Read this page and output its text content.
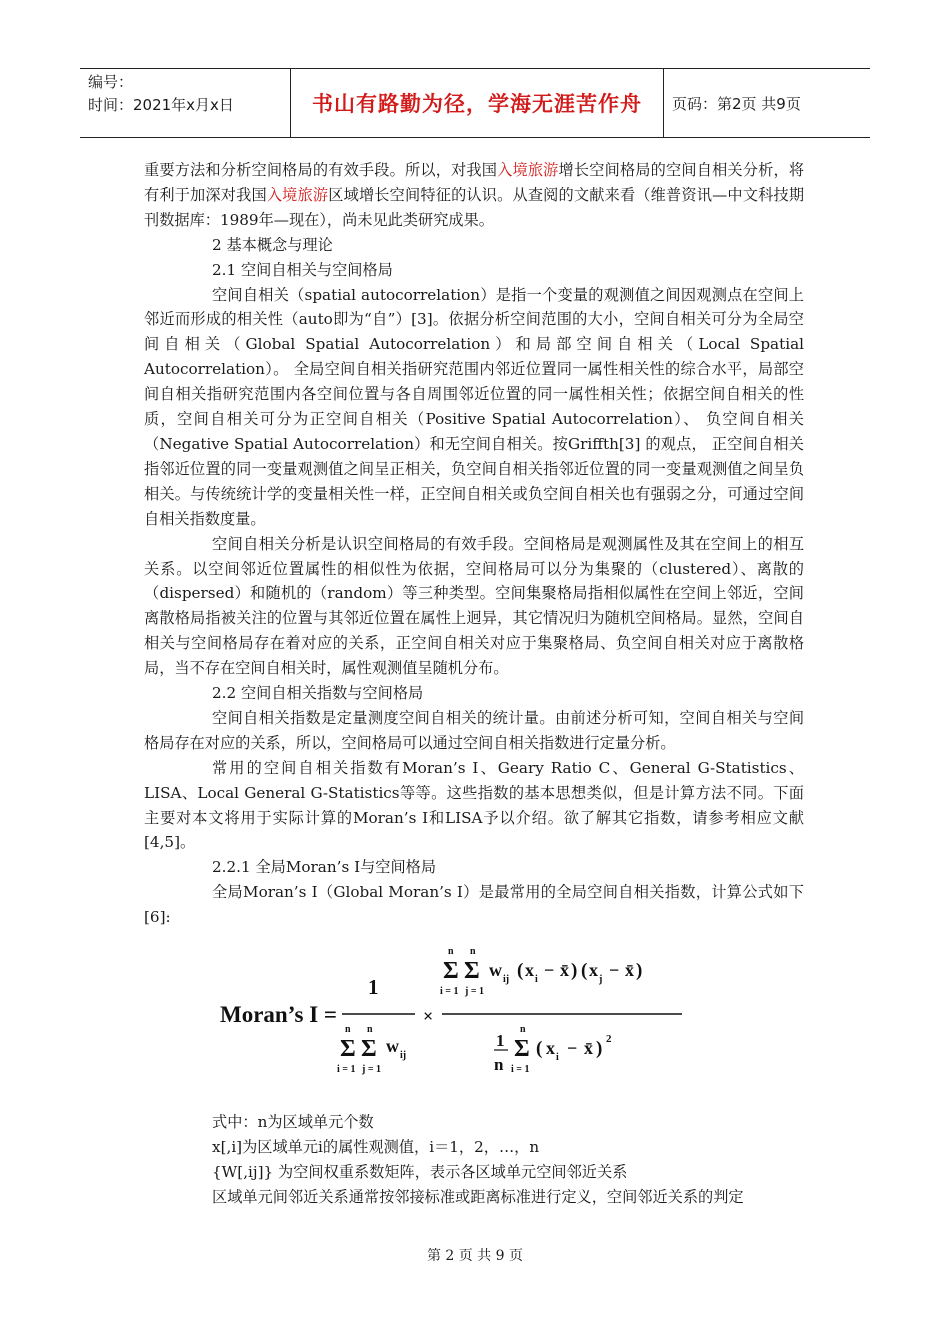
编号：
时间：2021年x月x日	书山有路勤为径，学海无涯苦作舟	页码：第2页 共9页

重要方法和分析空间格局的有效手段。所以，对我国入境旅游增长空间格局的空间自相关分析，将有利于加深对我国入境旅游区域增长空间特征的认识。从查阅的文献来看（维普资讯—中文科技期刊数据库：1989年—现在），尚未见此类研究成果。

2 基本概念与理论

2.1 空间自相关与空间格局

空间自相关（spatial autocorrelation）是指一个变量的观测值之间因观测点在空间上邻近而形成的相关性（auto即为“自”）[3]。依据分析空间范围的大小，空间自相关可分为全局空间自相关（Global Spatial Autocorrelation）和局部空间自相关（Local Spatial Autocorrelation）。 全局空间自相关指研究范围内邻近位置同一属性相关性的综合水平，局部空间自相关指研究范围内各空间位置与各自周围邻近位置的同一属性相关性；依据空间自相关的性质，空间自相关可分为正空间自相关（Positive Spatial Autocorrelation）、 负空间自相关（Negative Spatial Autocorrelation）和无空间自相关。按Griffth[3] 的观点， 正空间自相关指邻近位置的同一变量观测值之间呈正相关，负空间自相关指邻近位置的同一变量观测值之间呈负相关。与传统统计学的变量相关性一样，正空间自相关或负空间自相关也有强弱之分，可通过空间自相关指数度量。

空间自相关分析是认识空间格局的有效手段。空间格局是观测属性及其在空间上的相互关系。以空间邻近位置属性的相似性为依据，空间格局可以分为集聚的（clustered）、离散的（dispersed）和随机的（random）等三种类型。空间集聚格局指相似属性在空间上邻近，空间离散格局指被关注的位置与其邻近位置在属性上迥异，其它情况归为随机空间格局。显然，空间自相关与空间格局存在着对应的关系，正空间自相关对应于集聚格局、负空间自相关对应于离散格局，当不存在空间自相关时，属性观测值呈随机分布。

2.2 空间自相关指数与空间格局

空间自相关指数是定量测度空间自相关的统计量。由前述分析可知，空间自相关与空间格局存在对应的关系，所以，空间格局可以通过空间自相关指数进行定量分析。

常用的空间自相关指数有Moran’s I、Geary Ratio C、General G-Statistics、LISA、Local General G-Statistics等等。这些指数的基本思想类似，但是计算方法不同。下面主要对本文将用于实际计算的Moran’s I和LISA予以介绍。欲了解其它指数，请参考相应文献[4,5]。

2.2.1 全局Moran’s I与空间格局

全局Moran’s I（Global Moran’s I）是最常用的全局空间自相关指数，计算公式如下[6]:

Moran’s I =
1
n
Σ
i = 1
n
Σ
j = 1
w ij
×
n
Σ
i = 1
n
Σ
j = 1
w ij ( x i − x̄ ) ( x j − x̄ )
1
n
n
Σ
i = 1
( x i − x̄ ) 2

式中：n为区域单元个数

x[,i]为区域单元i的属性观测值，i＝1，2，…，n

{W[,ij]} 为空间权重系数矩阵，表示各区域单元空间邻近关系

区域单元间邻近关系通常按邻接标准或距离标准进行定义，空间邻近关系的判定

第 2 页 共 9 页
